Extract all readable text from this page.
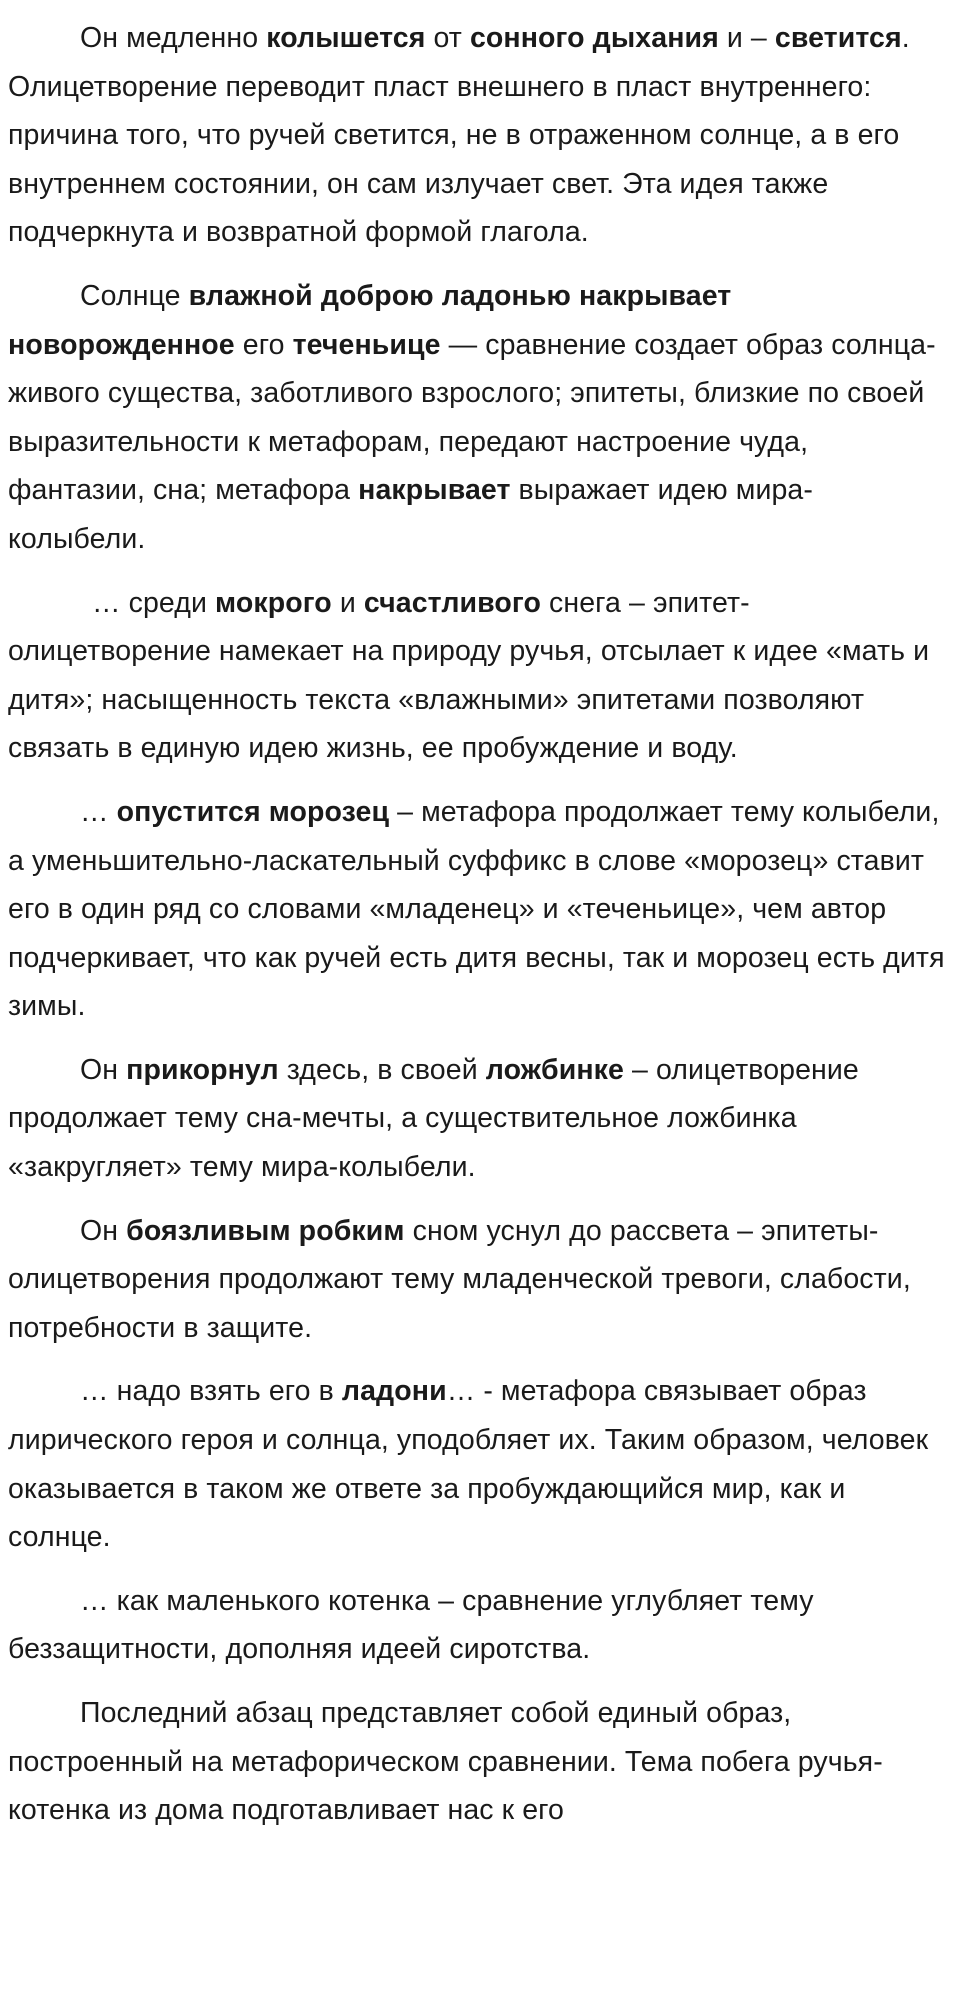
Он медленно колышется от сонного дыхания и – светится. Олицетворение переводит пласт внешнего в пласт внутреннего: причина того, что ручей светится, не в отраженном солнце, а в его внутреннем состоянии, он сам излучает свет. Эта идея также подчеркнута и возвратной формой глагола.

Солнце влажной доброю ладонью накрывает новорожденное его теченьице — сравнение создает образ солнца-живого существа, заботливого взрослого; эпитеты, близкие по своей выразительности к метафорам, передают настроение чуда, фантазии, сна; метафора накрывает выражает идею мира-колыбели.

… среди мокрого и счастливого снега – эпитет-олицетворение намекает на природу ручья, отсылает к идее «мать и дитя»; насыщенность текста «влажными» эпитетами позволяют связать в единую идею жизнь, ее пробуждение и воду.

… опустится морозец – метафора продолжает тему колыбели, а уменьшительно-ласкательный суффикс в слове «морозец» ставит его в один ряд со словами «младенец» и «теченьице», чем автор подчеркивает, что как ручей есть дитя весны, так и морозец есть дитя зимы.

Он прикорнул здесь, в своей ложбинке – олицетворение продолжает тему сна-мечты, а существительное ложбинка «закругляет» тему мира-колыбели.

Он боязливым робким сном уснул до рассвета – эпитеты-олицетворения продолжают тему младенческой тревоги, слабости, потребности в защите.

… надо взять его в ладони… - метафора связывает образ лирического героя и солнца, уподобляет их. Таким образом, человек оказывается в таком же ответе за пробуждающийся мир, как и солнце.

… как маленького котенка – сравнение углубляет тему беззащитности, дополняя идеей сиротства.

Последний абзац представляет собой единый образ, построенный на метафорическом сравнении. Тема побега ручья-котенка из дома подготавливает нас к его
